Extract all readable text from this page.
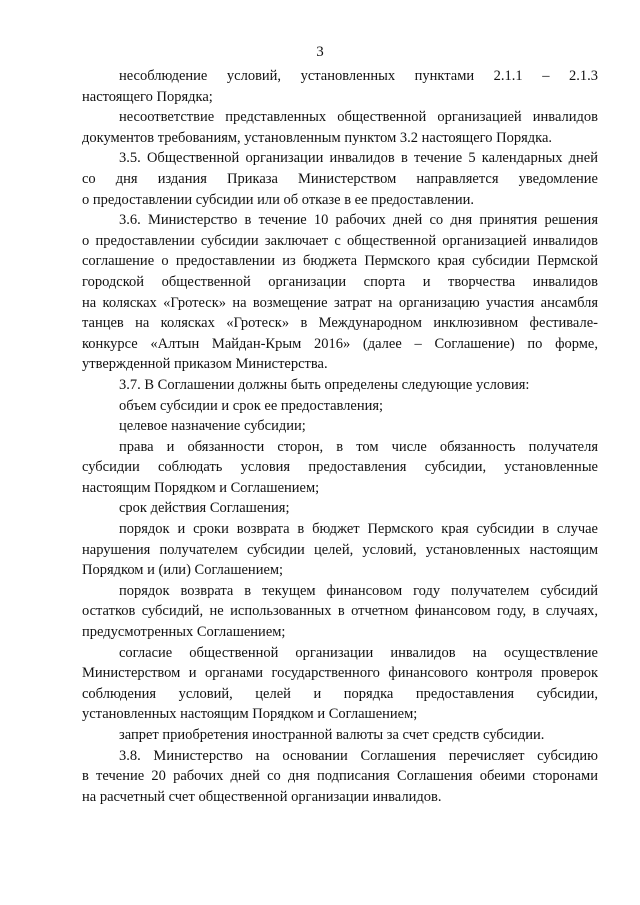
3
несоблюдение условий, установленных пунктами 2.1.1 – 2.1.3
настоящего Порядка;
несоответствие представленных общественной организацией инвалидов
документов требованиям, установленным пунктом 3.2 настоящего Порядка.
3.5. Общественной организации инвалидов в течение 5 календарных дней
со дня издания Приказа Министерством направляется уведомление
о предоставлении субсидии или об отказе в ее предоставлении.
3.6. Министерство в течение 10 рабочих дней со дня принятия решения
о предоставлении субсидии заключает с общественной организацией инвалидов
соглашение о предоставлении из бюджета Пермского края субсидии Пермской
городской общественной организации спорта и творчества инвалидов
на колясках «Гротеск» на возмещение затрат на организацию участия ансамбля
танцев на колясках «Гротеск» в Международном инклюзивном фестивале-
конкурсе «Алтын Майдан-Крым 2016» (далее – Соглашение) по форме,
утвержденной приказом Министерства.
3.7. В Соглашении должны быть определены следующие условия:
объем субсидии и срок ее предоставления;
целевое назначение субсидии;
права и обязанности сторон, в том числе обязанность получателя
субсидии соблюдать условия предоставления субсидии, установленные
настоящим Порядком и Соглашением;
срок действия Соглашения;
порядок и сроки возврата в бюджет Пермского края субсидии в случае
нарушения получателем субсидии целей, условий, установленных настоящим
Порядком и (или) Соглашением;
порядок возврата в текущем финансовом году получателем субсидий
остатков субсидий, не использованных в отчетном финансовом году, в случаях,
предусмотренных Соглашением;
согласие общественной организации инвалидов на осуществление
Министерством и органами государственного финансового контроля проверок
соблюдения условий, целей и порядка предоставления субсидии,
установленных настоящим Порядком и Соглашением;
запрет приобретения иностранной валюты за счет средств субсидии.
3.8. Министерство на основании Соглашения перечисляет субсидию
в течение 20 рабочих дней со дня подписания Соглашения обеими сторонами
на расчетный счет общественной организации инвалидов.
